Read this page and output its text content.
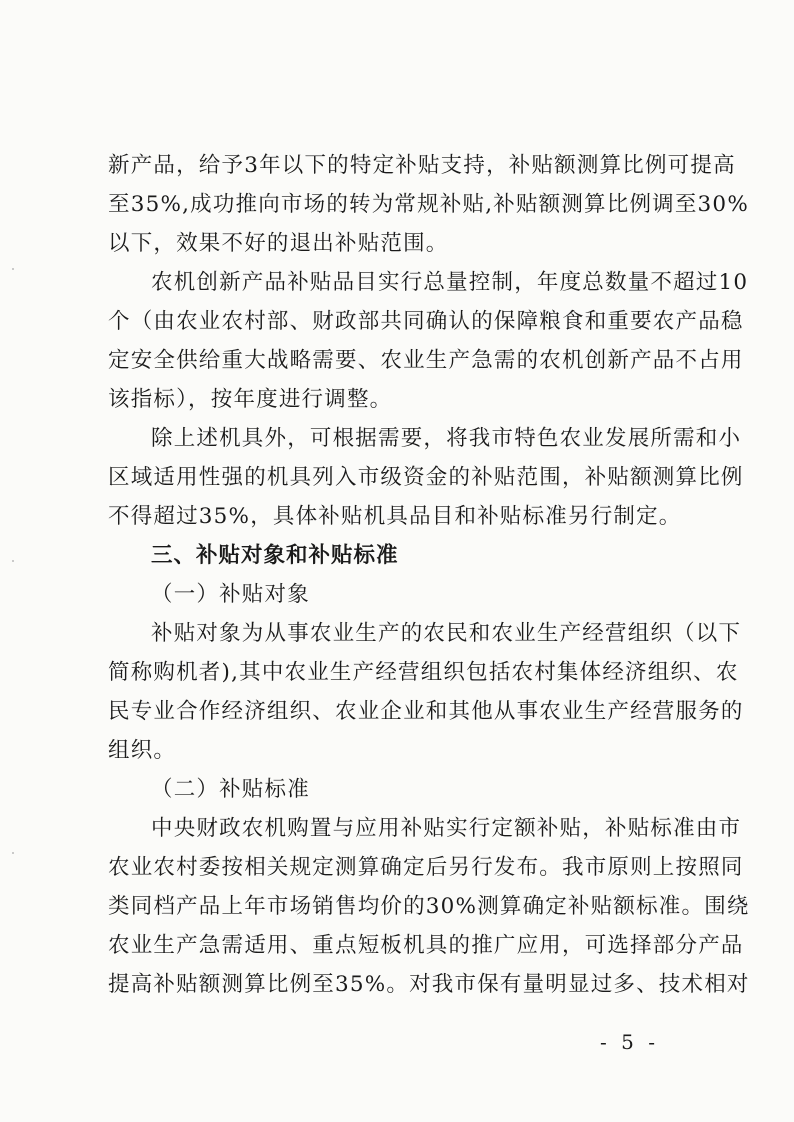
新产品，给予3年以下的特定补贴支持，补贴额测算比例可提高
至35%,成功推向市场的转为常规补贴,补贴额测算比例调至30%
以下，效果不好的退出补贴范围。
农机创新产品补贴品目实行总量控制，年度总数量不超过10
个（由农业农村部、财政部共同确认的保障粮食和重要农产品稳
定安全供给重大战略需要、农业生产急需的农机创新产品不占用
该指标），按年度进行调整。
除上述机具外，可根据需要，将我市特色农业发展所需和小
区域适用性强的机具列入市级资金的补贴范围，补贴额测算比例
不得超过35%，具体补贴机具品目和补贴标准另行制定。
三、补贴对象和补贴标准
（一）补贴对象
补贴对象为从事农业生产的农民和农业生产经营组织（以下
简称购机者),其中农业生产经营组织包括农村集体经济组织、农
民专业合作经济组织、农业企业和其他从事农业生产经营服务的
组织。
（二）补贴标准
中央财政农机购置与应用补贴实行定额补贴，补贴标准由市
农业农村委按相关规定测算确定后另行发布。我市原则上按照同
类同档产品上年市场销售均价的30%测算确定补贴额标准。围绕
农业生产急需适用、重点短板机具的推广应用，可选择部分产品
提高补贴额测算比例至35%。对我市保有量明显过多、技术相对
- 5 -
